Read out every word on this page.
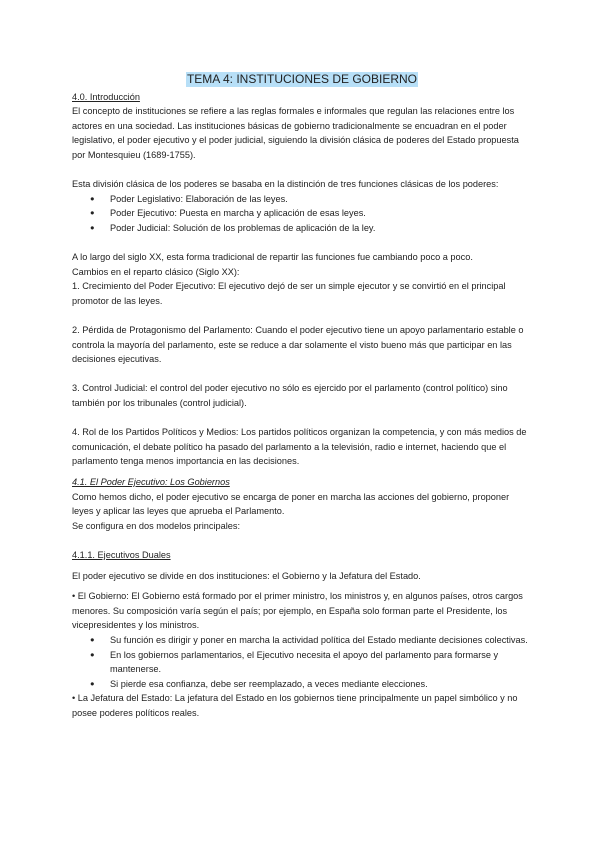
TEMA 4: INSTITUCIONES DE GOBIERNO

4.0. Introducción

El concepto de instituciones se refiere a las reglas formales e informales que regulan las relaciones entre los actores en una sociedad. Las instituciones básicas de gobierno tradicionalmente se encuadran en el poder legislativo, el poder ejecutivo y el poder judicial, siguiendo la división clásica de poderes del Estado propuesta por Montesquieu (1689-1755).

Esta división clásica de los poderes se basaba en la distinción de tres funciones clásicas de los poderes:

● Poder Legislativo: Elaboración de las leyes.
● Poder Ejecutivo: Puesta en marcha y aplicación de esas leyes.
● Poder Judicial: Solución de los problemas de aplicación de la ley.

A lo largo del siglo XX, esta forma tradicional de repartir las funciones fue cambiando poco a poco.

Cambios en el reparto clásico (Siglo XX):

1. Crecimiento del Poder Ejecutivo: El ejecutivo dejó de ser un simple ejecutor y se convirtió en el principal promotor de las leyes.

2. Pérdida de Protagonismo del Parlamento: Cuando el poder ejecutivo tiene un apoyo parlamentario estable o controla la mayoría del parlamento, este se reduce a dar solamente el visto bueno más que participar en las decisiones ejecutivas.

3. Control Judicial: el control del poder ejecutivo no sólo es ejercido por el parlamento (control político) sino también por los tribunales (control judicial).

4. Rol de los Partidos Políticos y Medios: Los partidos políticos organizan la competencia, y con más medios de comunicación, el debate político ha pasado del parlamento a la televisión, radio e internet, haciendo que el parlamento tenga menos importancia en las decisiones.

4.1. El Poder Ejecutivo: Los Gobiernos

Como hemos dicho, el poder ejecutivo se encarga de poner en marcha las acciones del gobierno, proponer leyes y aplicar las leyes que aprueba el Parlamento.

Se configura en dos modelos principales:

4.1.1. Ejecutivos Duales

El poder ejecutivo se divide en dos instituciones: el Gobierno y la Jefatura del Estado.

• El Gobierno: El Gobierno está formado por el primer ministro, los ministros y, en algunos países, otros cargos menores. Su composición varía según el país; por ejemplo, en España solo forman parte el Presidente, los vicepresidentes y los ministros.

● Su función es dirigir y poner en marcha la actividad política del Estado mediante decisiones colectivas.
● En los gobiernos parlamentarios, el Ejecutivo necesita el apoyo del parlamento para formarse y mantenerse.
● Si pierde esa confianza, debe ser reemplazado, a veces mediante elecciones.

• La Jefatura del Estado: La jefatura del Estado en los gobiernos tiene principalmente un papel simbólico y no posee poderes políticos reales.
